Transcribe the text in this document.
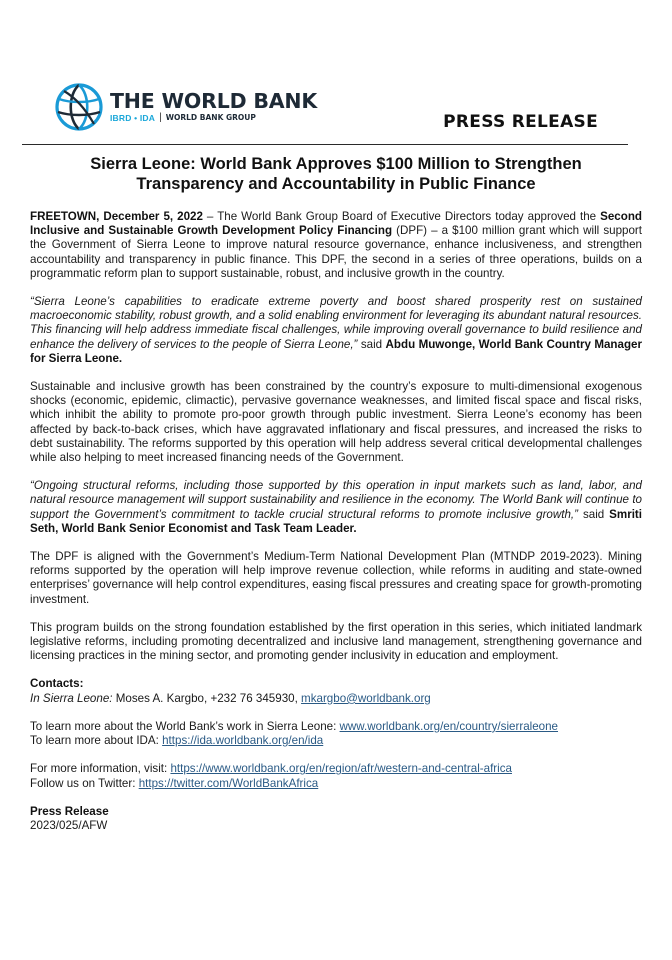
THE WORLD BANK
IBRD • IDA | WORLD BANK GROUP	PRESS RELEASE
Sierra Leone: World Bank Approves $100 Million to Strengthen
Transparency and Accountability in Public Finance

FREETOWN, December 5, 2022 – The World Bank Group Board of Executive Directors today approved the Second Inclusive and Sustainable Growth Development Policy Financing (DPF) – a $100 million grant which will support the Government of Sierra Leone to improve natural resource governance, enhance inclusiveness, and strengthen accountability and transparency in public finance. This DPF, the second in a series of three operations, builds on a programmatic reform plan to support sustainable, robust, and inclusive growth in the country.

“Sierra Leone’s capabilities to eradicate extreme poverty and boost shared prosperity rest on sustained macroeconomic stability, robust growth, and a solid enabling environment for leveraging its abundant natural resources. This financing will help address immediate fiscal challenges, while improving overall governance to build resilience and enhance the delivery of services to the people of Sierra Leone,” said Abdu Muwonge, World Bank Country Manager for Sierra Leone.

Sustainable and inclusive growth has been constrained by the country’s exposure to multi-dimensional exogenous shocks (economic, epidemic, climactic), pervasive governance weaknesses, and limited fiscal space and fiscal risks, which inhibit the ability to promote pro-poor growth through public investment. Sierra Leone’s economy has been affected by back-to-back crises, which have aggravated inflationary and fiscal pressures, and increased the risks to debt sustainability. The reforms supported by this operation will help address several critical developmental challenges while also helping to meet increased financing needs of the Government.

“Ongoing structural reforms, including those supported by this operation in input markets such as land, labor, and natural resource management will support sustainability and resilience in the economy. The World Bank will continue to support the Government’s commitment to tackle crucial structural reforms to promote inclusive growth,” said Smriti Seth, World Bank Senior Economist and Task Team Leader.

The DPF is aligned with the Government’s Medium-Term National Development Plan (MTNDP 2019-2023). Mining reforms supported by the operation will help improve revenue collection, while reforms in auditing and state-owned enterprises’ governance will help control expenditures, easing fiscal pressures and creating space for growth-promoting investment.

This program builds on the strong foundation established by the first operation in this series, which initiated landmark legislative reforms, including promoting decentralized and inclusive land management, strengthening governance and licensing practices in the mining sector, and promoting gender inclusivity in education and employment.

Contacts:

In Sierra Leone: Moses A. Kargbo, +232 76 345930, mkargbo@worldbank.org

To learn more about the World Bank’s work in Sierra Leone: www.worldbank.org/en/country/sierraleone

To learn more about IDA: https://ida.worldbank.org/en/ida

For more information, visit: https://www.worldbank.org/en/region/afr/western-and-central-africa

Follow us on Twitter: https://twitter.com/WorldBankAfrica

Press Release
2023/025/AFW
